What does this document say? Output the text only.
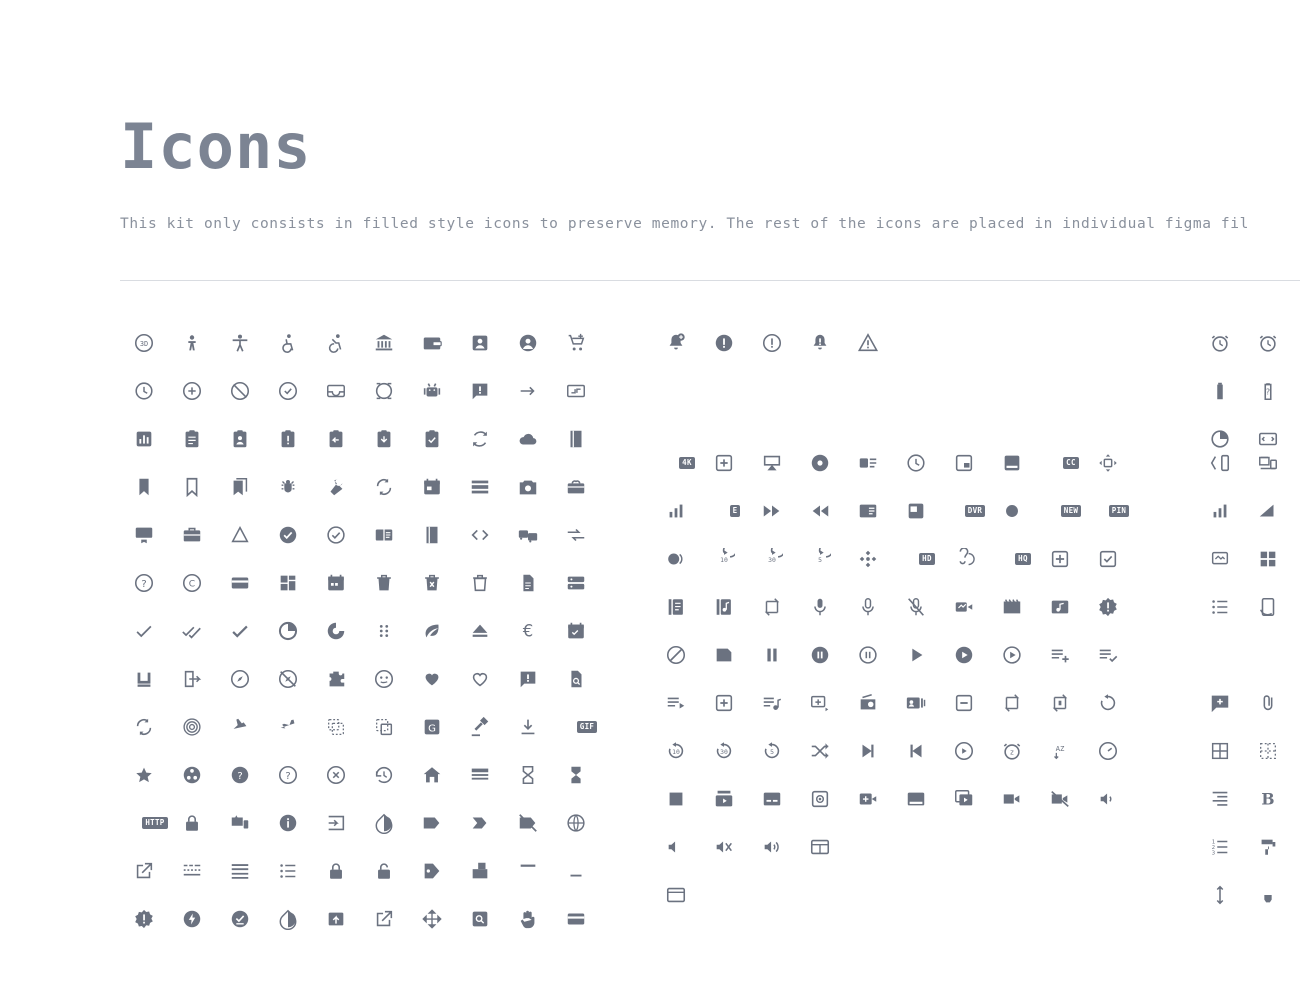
Icons

This kit only consists in filled style icons to preserve memory. The rest of the icons are placed in individual figma fil

3D
?	C
€
G	GIF
?	?
HTTP
4K	CC
E	DVR	NEW	PIN
10	30	5	HD	HQ
10	30	5	z	AZ
?
B
1
2
3
